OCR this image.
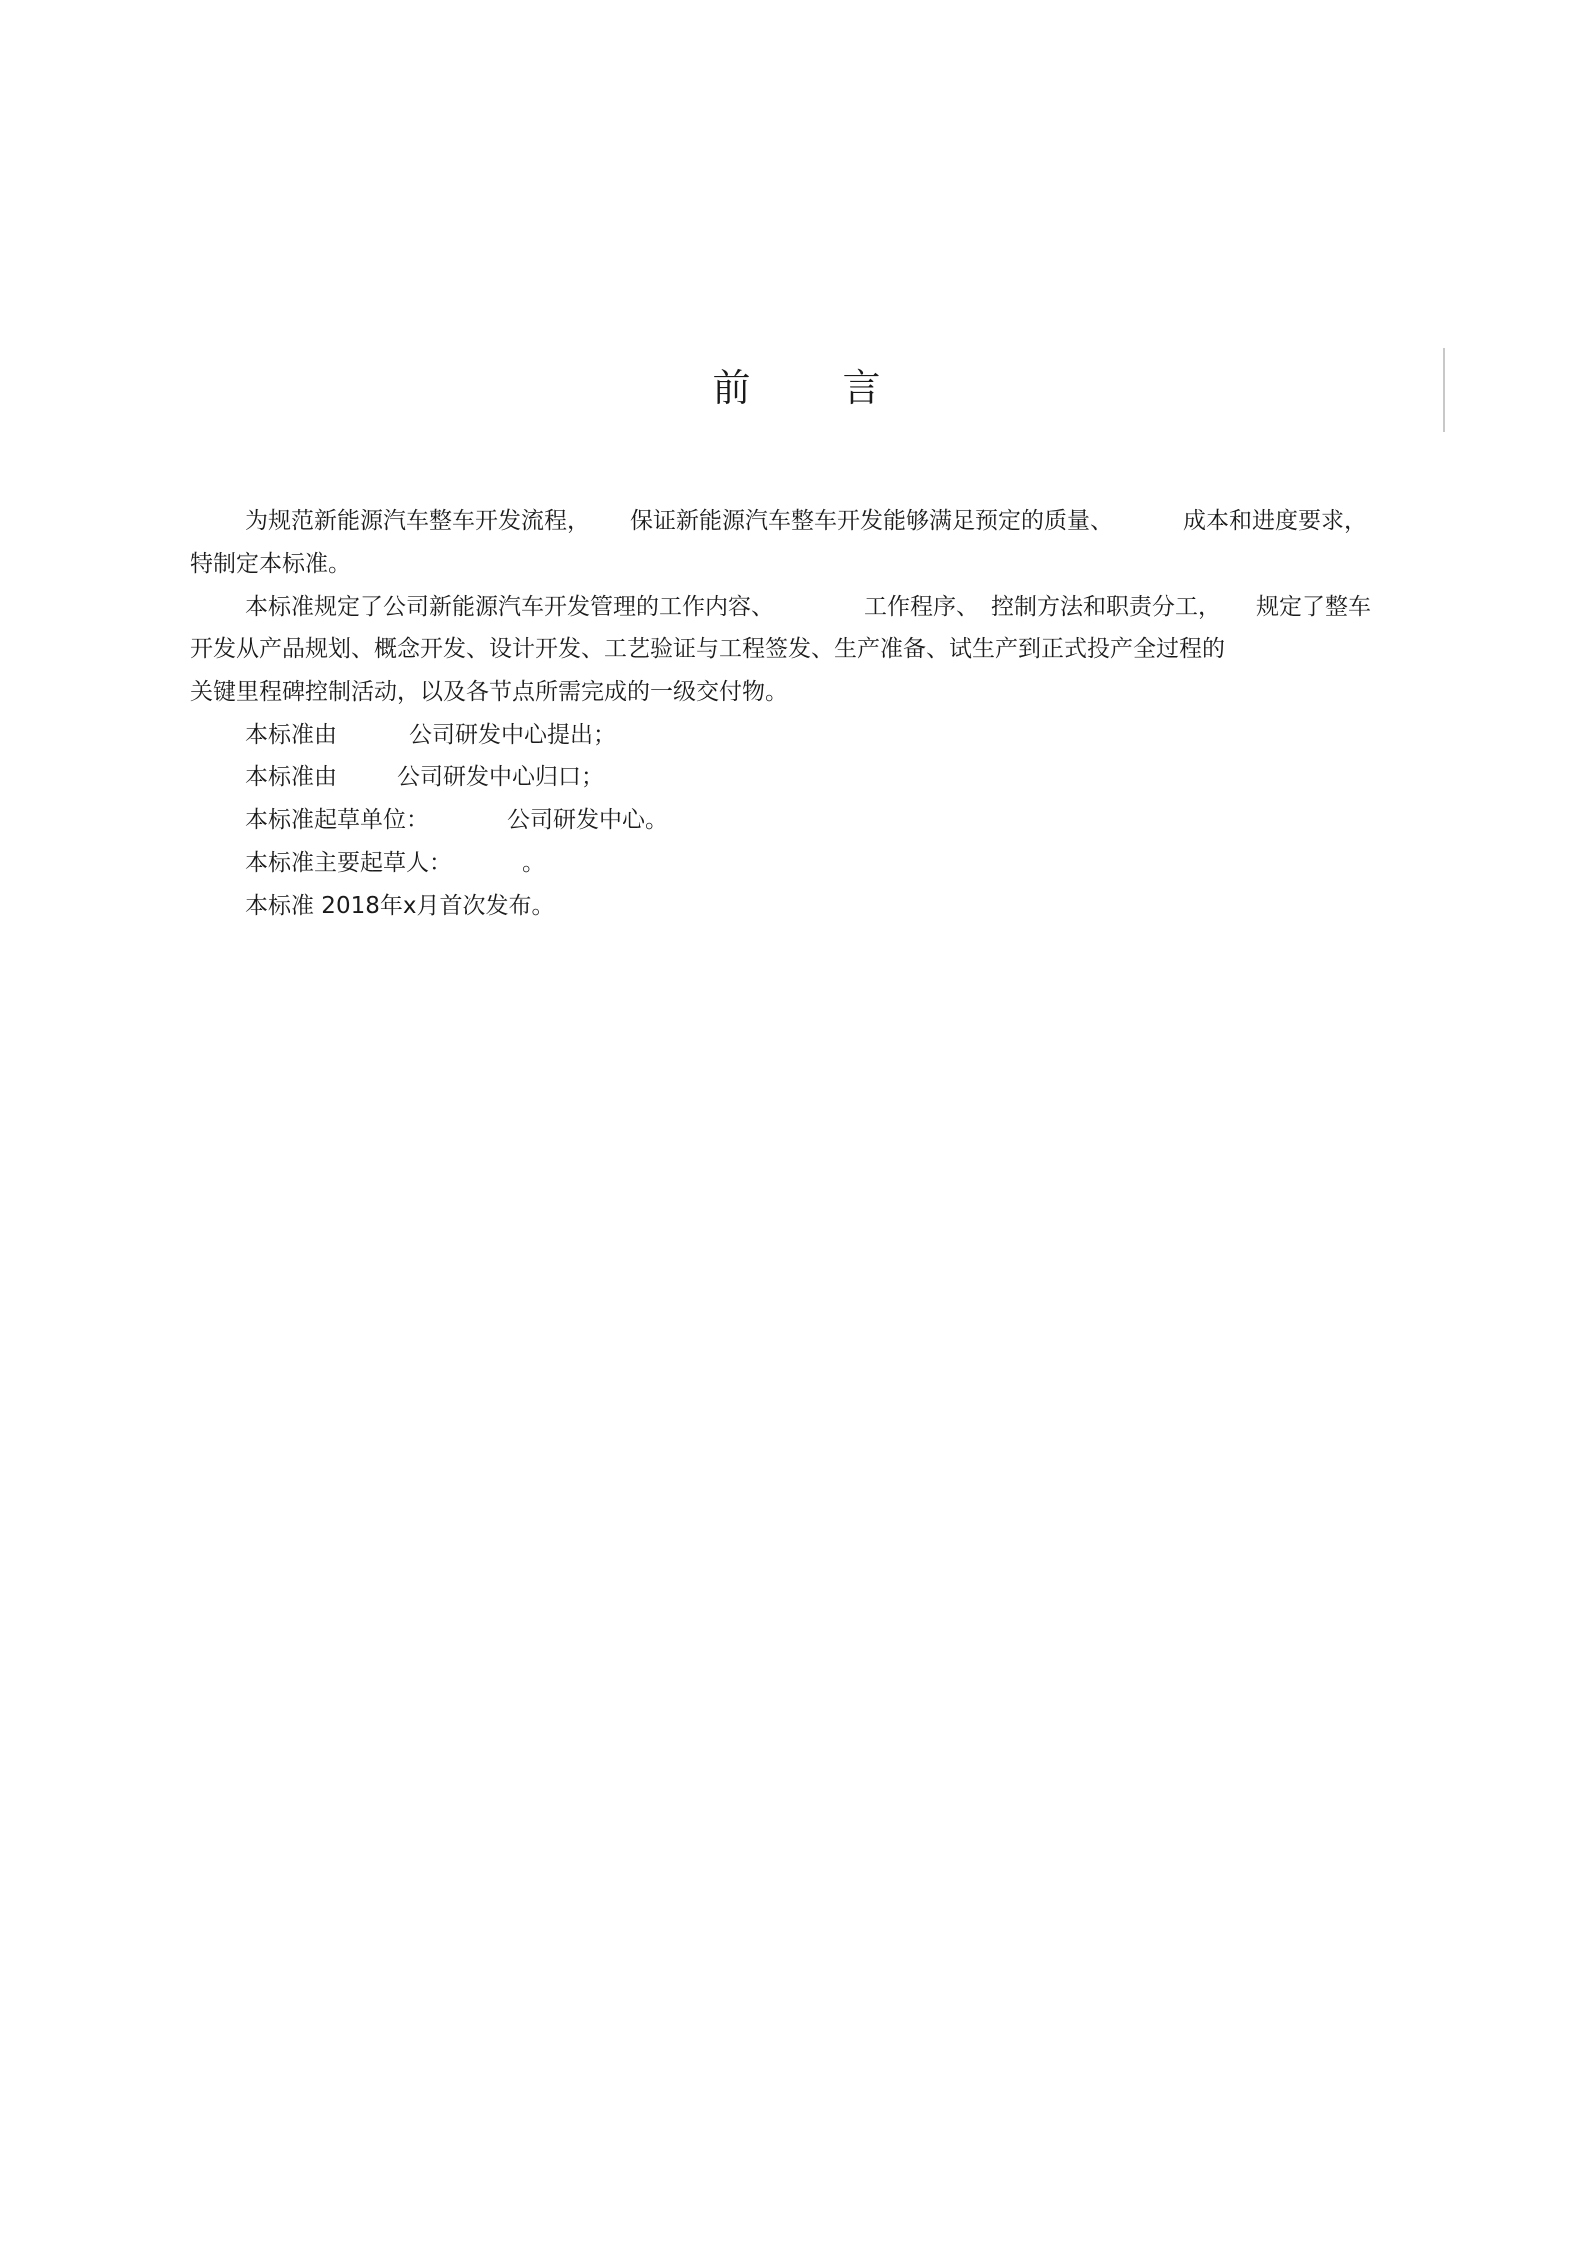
前 言
为规范新能源汽车整车开发流程， 保证新能源汽车整车开发能够满足预定的质量、	成本和进度要求，
特制定本标准。
本标准规定了公司新能源汽车开发管理的工作内容、	工作程序、 控制方法和职责分工， 规定了整车
开发从产品规划、概念开发、设计开发、工艺验证与工程签发、生产准备、试生产到正式投产全过程的
关键里程碑控制活动，以及各节点所需完成的一级交付物。
本标准由	公司研发中心提出；
本标准由	公司研发中心归口；
本标准起草单位：	公司研发中心。
本标准主要起草人：	。
本标准 2018年x月首次发布。
